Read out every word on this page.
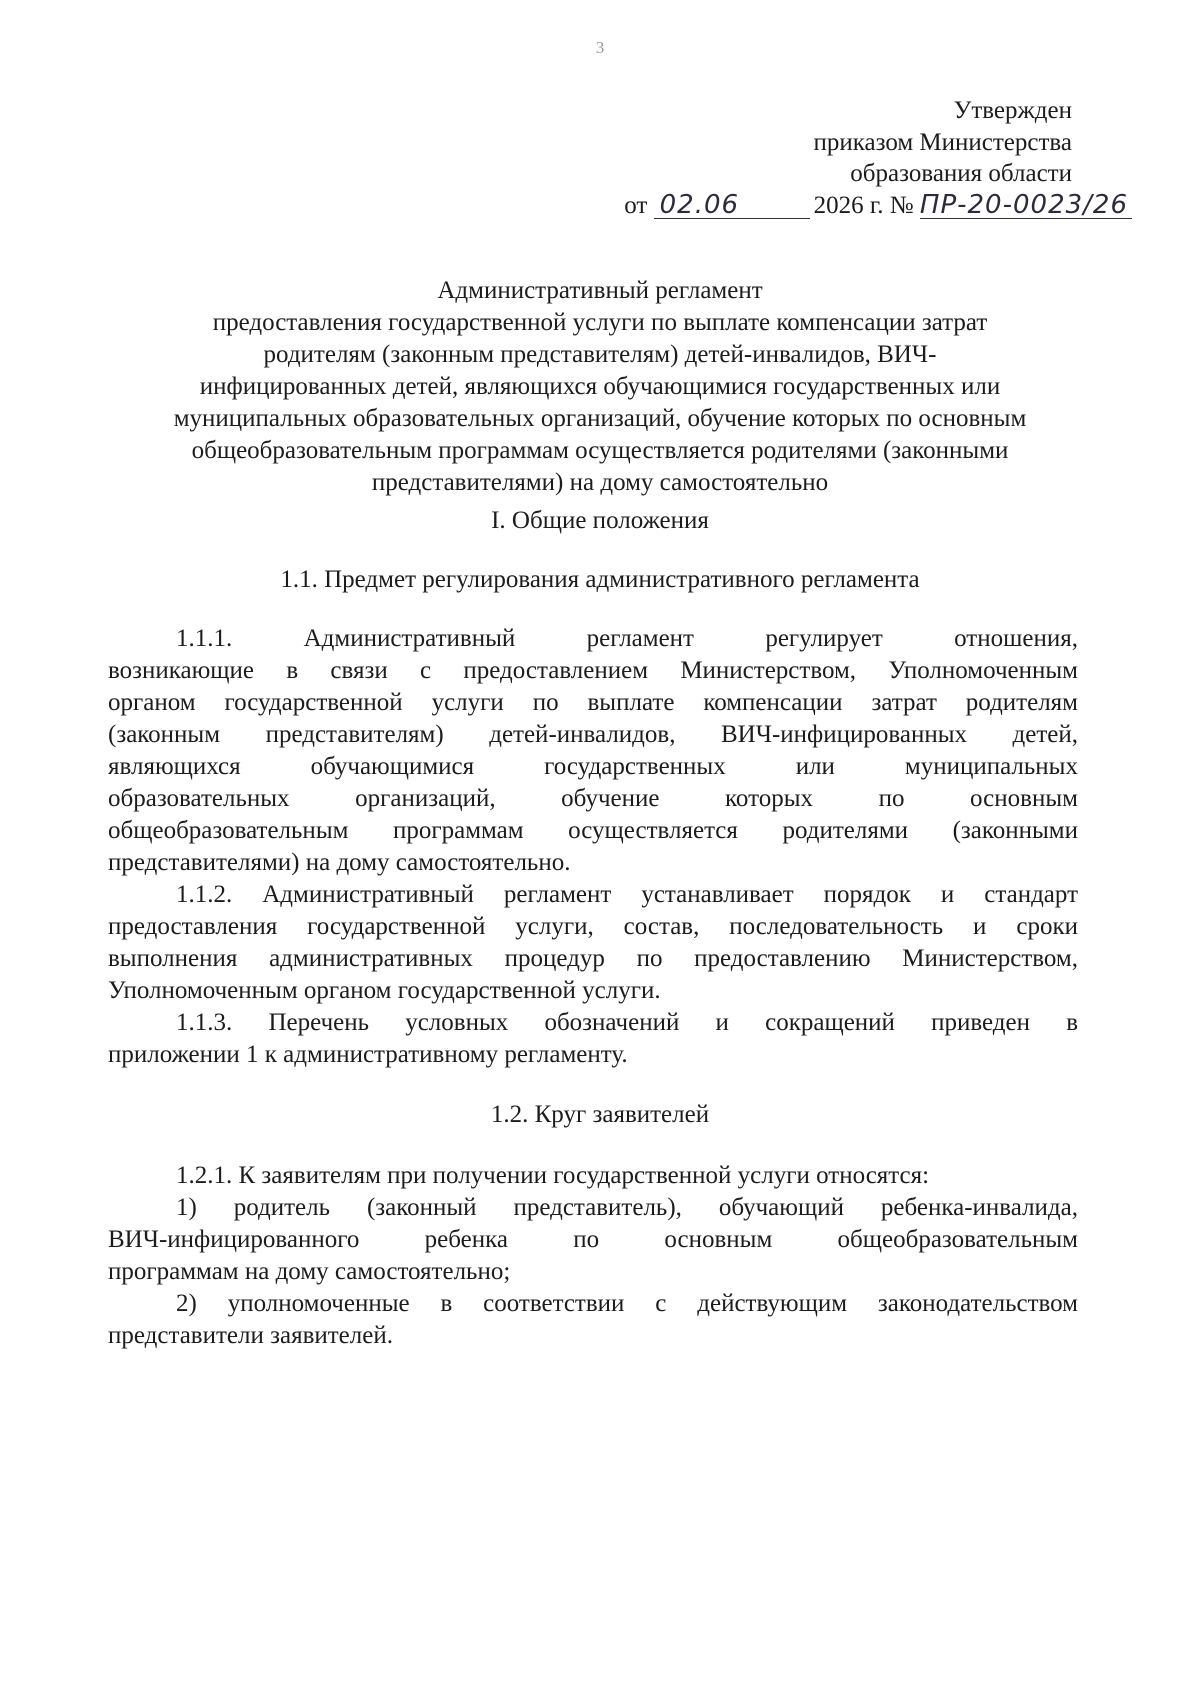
3
Утвержден
приказом Министерства
образования области
от 02.06	2026 г. № ПР-20-0023/26
Административный регламент
предоставления государственной услуги по выплате компенсации затрат
родителям (законным представителям) детей-инвалидов, ВИЧ-
инфицированных детей, являющихся обучающимися государственных или
муниципальных образовательных организаций, обучение которых по основным
общеобразовательным программам осуществляется родителями (законными
представителями) на дому самостоятельно
I. Общие положения
1.1. Предмет регулирования административного регламента
1.1.1.	Административный	регламент	регулирует	отношения,
возникающие в связи с предоставлением Министерством, Уполномоченным
органом государственной услуги по выплате компенсации затрат родителям
(законным представителям) детей-инвалидов, ВИЧ-инфицированных детей,
являющихся	обучающимися	государственных	или	муниципальных
образовательных	организаций,	обучение	которых	по	основным
общеобразовательным программам осуществляется родителями (законными
представителями) на дому самостоятельно.
1.1.2. Административный регламент устанавливает порядок и стандарт
предоставления государственной услуги, состав, последовательность и сроки
выполнения административных процедур по предоставлению Министерством,
Уполномоченным органом государственной услуги.
1.1.3. Перечень условных обозначений и сокращений приведен в
приложении 1 к административному регламенту.
1.2. Круг заявителей
1.2.1. К заявителям при получении государственной услуги относятся:
1) родитель (законный представитель), обучающий ребенка-инвалида,
ВИЧ-инфицированного	ребенка	по	основным	общеобразовательным
программам на дому самостоятельно;
2) уполномоченные в соответствии с действующим законодательством
представители заявителей.
